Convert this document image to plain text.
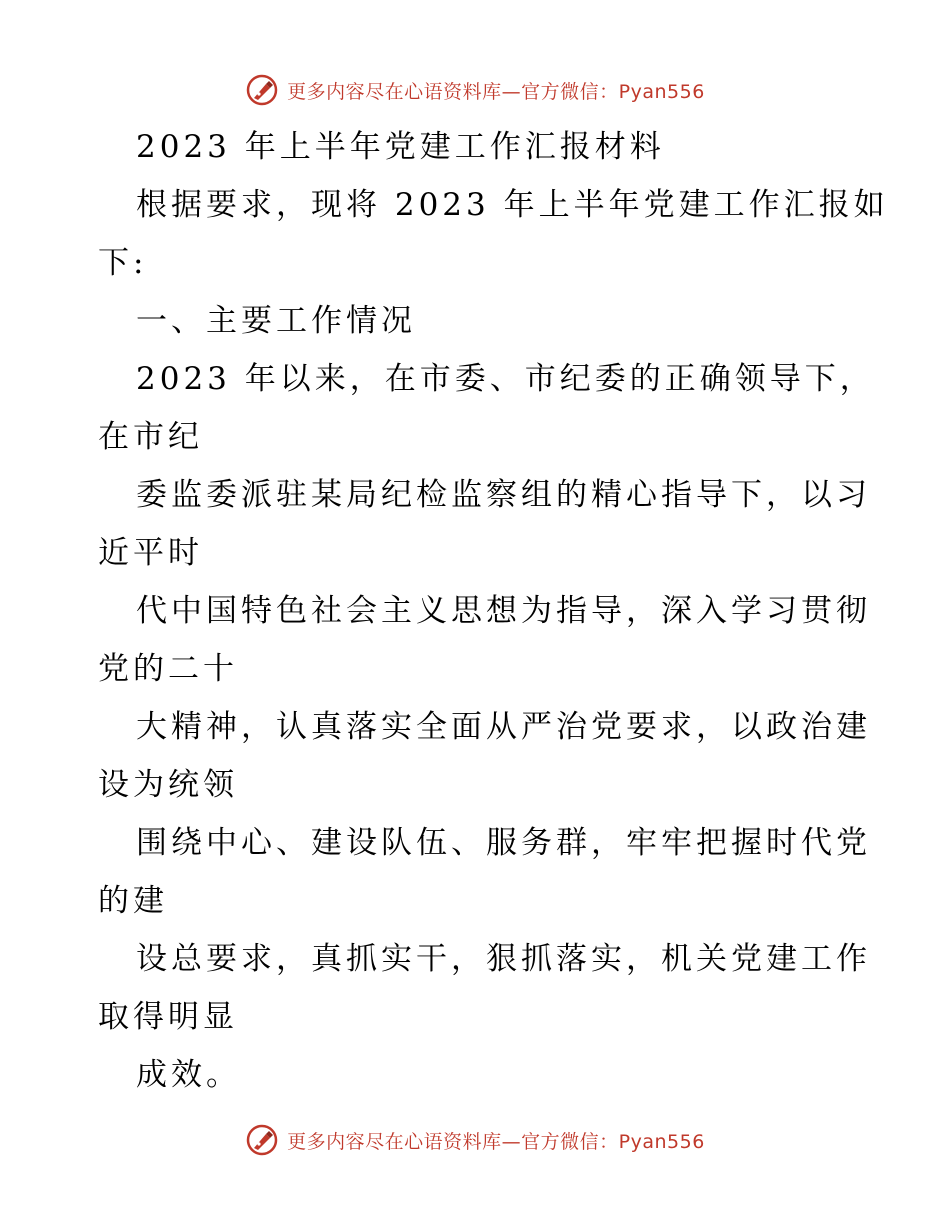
更多内容尽在心语资料库—官方微信：Pyan556
2023 年上半年党建工作汇报材料
根据要求，现将 2023 年上半年党建工作汇报如
下:
一、主要工作情况
2023 年以来，在市委、市纪委的正确领导下，
在市纪
委监委派驻某局纪检监察组的精心指导下，以习
近平时
代中国特色社会主义思想为指导，深入学习贯彻
党的二十
大精神，认真落实全面从严治党要求，以政治建
设为统领
围绕中心、建设队伍、服务群，牢牢把握时代党
的建
设总要求，真抓实干，狠抓落实，机关党建工作
取得明显
成效。
更多内容尽在心语资料库—官方微信：Pyan556
